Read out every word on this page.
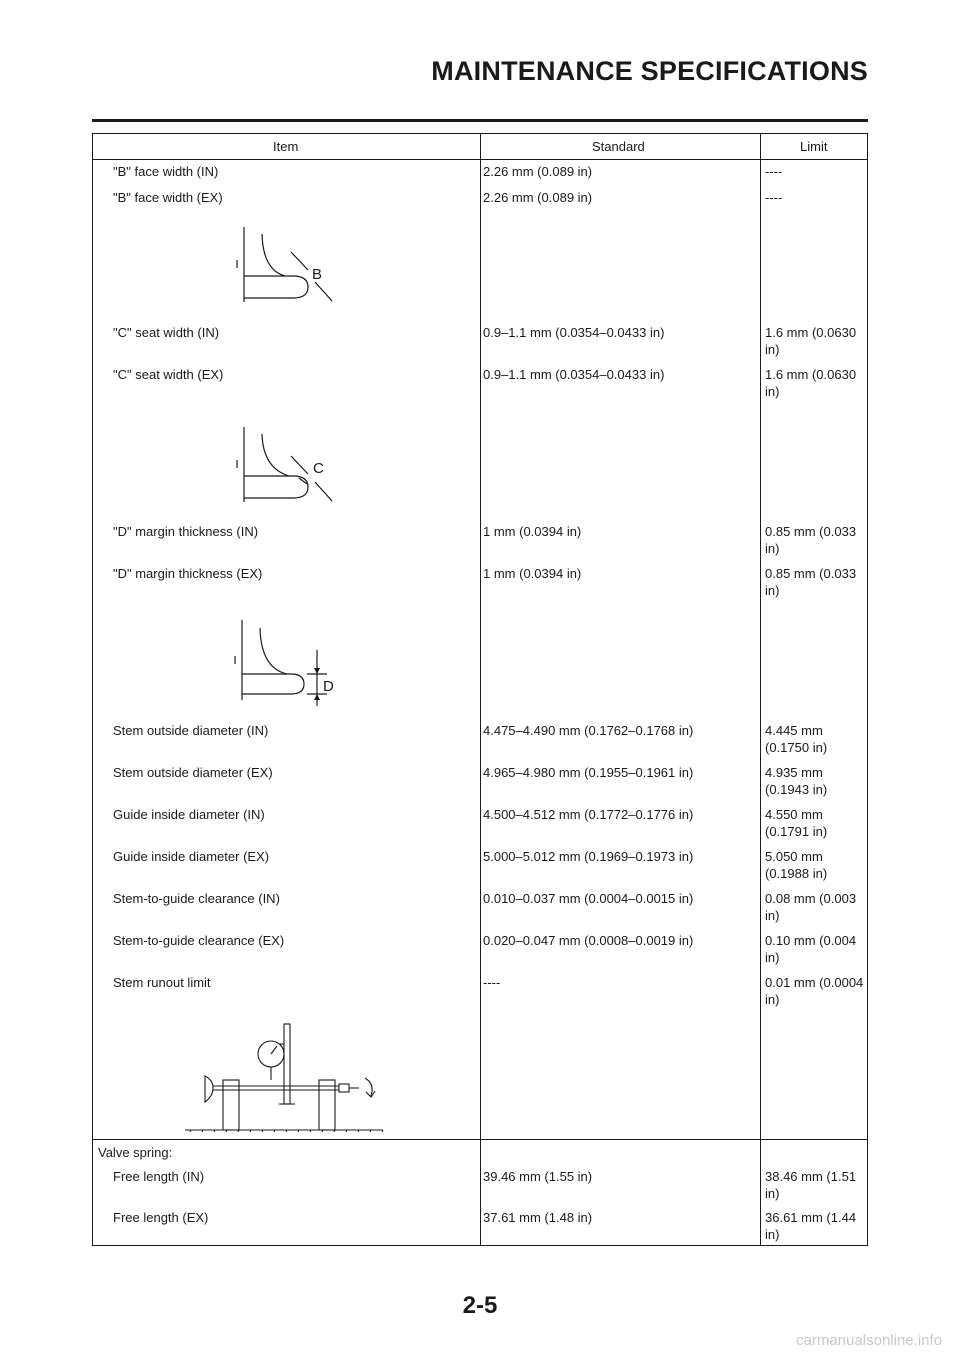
MAINTENANCE SPECIFICATIONS
Item	Standard	Limit
"B" face width (IN)	2.26 mm (0.089 in)	----
"B" face width (EX)	2.26 mm (0.089 in)	----
B
"C" seat width (IN)	0.9–1.1 mm (0.0354–0.0433 in)	1.6 mm (0.0630 in)
"C" seat width (EX)	0.9–1.1 mm (0.0354–0.0433 in)	1.6 mm (0.0630 in)
C
"D" margin thickness (IN)	1 mm (0.0394 in)	0.85 mm (0.033 in)
"D" margin thickness (EX)	1 mm (0.0394 in)	0.85 mm (0.033 in)
D
Stem outside diameter (IN)	4.475–4.490 mm (0.1762–0.1768 in)	4.445 mm (0.1750 in)
Stem outside diameter (EX)	4.965–4.980 mm (0.1955–0.1961 in)	4.935 mm (0.1943 in)
Guide inside diameter (IN)	4.500–4.512 mm (0.1772–0.1776 in)	4.550 mm (0.1791 in)
Guide inside diameter (EX)	5.000–5.012 mm (0.1969–0.1973 in)	5.050 mm (0.1988 in)
Stem-to-guide clearance (IN)	0.010–0.037 mm (0.0004–0.0015 in)	0.08 mm (0.003 in)
Stem-to-guide clearance (EX)	0.020–0.047 mm (0.0008–0.0019 in)	0.10 mm (0.004 in)
Stem runout limit	----	0.01 mm (0.0004 in)
Valve spring:
Free length (IN)	39.46 mm (1.55 in)	38.46 mm (1.51 in)
Free length (EX)	37.61 mm (1.48 in)	36.61 mm (1.44 in)
2-5
carmanualsonline.info
